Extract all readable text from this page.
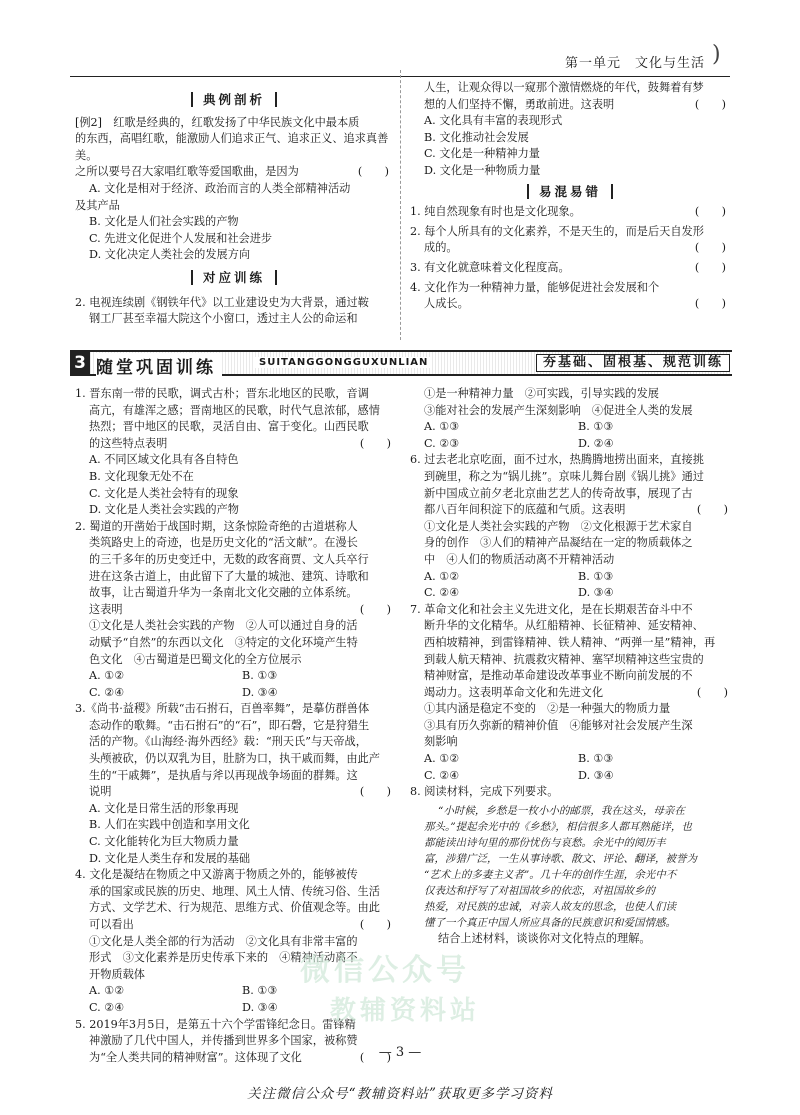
第一单元　文化与生活 )
典例剖析

[例2]　红歌是经典的，红歌发扬了中华民族文化中最本质

的东西，高唱红歌，能激励人们追求正气、追求正义、追求真善美。

之所以要号召大家唱红歌等爱国歌曲，是因为	(　　)

A. 文化是相对于经济、政治而言的人类全部精神活动

及其产品

B. 文化是人们社会实践的产物

C. 先进文化促进个人发展和社会进步

D. 文化决定人类社会的发展方向

对应训练

2. 电视连续剧《钢铁年代》以工业建设史为大背景，通过鞍

钢工厂甚至幸福大院这个小窗口，透过主人公的命运和

人生，让观众得以一窥那个激情燃烧的年代，鼓舞着有梦

想的人们坚持不懈，勇敢前进。这表明	(　　)

A. 文化具有丰富的表现形式

B. 文化推动社会发展

C. 文化是一种精神力量

D. 文化是一种物质力量

易混易错

1. 纯自然现象有时也是文化现象。	(　　)

2. 每个人所具有的文化素养，不是天生的，而是后天自发形

成的。	(　　)

3. 有文化就意味着文化程度高。	(　　)

4. 文化作为一种精神力量，能够促进社会发展和个

人成长。	(　　)

3 随堂巩固训练	SUITANGGONGGUXUNLIAN	夯基础、固根基、规范训练

1. 晋东南一带的民歌，调式古朴；晋东北地区的民歌，音调

高亢，有雄浑之感；晋南地区的民歌，时代气息浓郁，感情

热烈；晋中地区的民歌，灵活自由、富于变化。山西民歌

的这些特点表明	(　　)

A. 不同区域文化具有各自特色

B. 文化现象无处不在

C. 文化是人类社会特有的现象

D. 文化是人类社会实践的产物

2. 蜀道的开凿始于战国时期，这条惊险奇绝的古道堪称人

类筑路史上的奇迹，也是历史文化的“活文献”。在漫长

的三千多年的历史变迁中，无数的政客商贾、文人兵卒行

进在这条古道上，由此留下了大量的城池、建筑、诗歌和

故事，让古蜀道升华为一条南北文化交融的立体系统。

这表明	(　　)

①文化是人类社会实践的产物　②人可以通过自身的活

动赋予“自然”的东西以文化　③特定的文化环境产生特

色文化　④古蜀道是巴蜀文化的全方位展示

A. ①②	B. ①③
C. ②④	D. ③④

3.《尚书·益稷》所载“击石拊石，百兽率舞”，是摹仿群兽体

态动作的歌舞。“击石拊石”的“石”，即石磬，它是狩猎生

活的产物。《山海经·海外西经》载：“刑天氏”与天帝战，

头颅被砍，仍以双乳为目，肚脐为口，执干戚而舞，由此产

生的“干戚舞”，是执盾与斧以再现战争场面的群舞。这

说明	(　　)

A. 文化是日常生活的形象再现

B. 人们在实践中创造和享用文化

C. 文化能转化为巨大物质力量

D. 文化是人类生存和发展的基础

4. 文化是凝结在物质之中又游离于物质之外的，能够被传

承的国家或民族的历史、地理、风土人情、传统习俗、生活

方式、文学艺术、行为规范、思维方式、价值观念等。由此

可以看出	(　　)

①文化是人类全部的行为活动　②文化具有非常丰富的

形式　③文化素养是历史传承下来的　④精神活动离不

开物质载体

A. ①②	B. ①③
C. ②④	D. ③④

5. 2019年3月5日，是第五十六个学雷锋纪念日。雷锋精

神激励了几代中国人，并传播到世界多个国家，被称赞

为“全人类共同的精神财富”。这体现了文化	(　　)

①是一种精神力量　②可实践，引导实践的发展

③能对社会的发展产生深刻影响　④促进全人类的发展

A. ①③	B. ①③
C. ②③	D. ②④

6. 过去老北京吃面，面不过水，热腾腾地捞出面来，直接挑

到碗里，称之为“锅儿挑”。京味儿舞台剧《锅儿挑》通过

新中国成立前夕老北京曲艺艺人的传奇故事，展现了古

都八百年间积淀下的底蕴和气质。这表明	(　　)

①文化是人类社会实践的产物　②文化根源于艺术家自

身的创作　③人们的精神产品凝结在一定的物质载体之

中　④人们的物质活动离不开精神活动

A. ①②	B. ①③
C. ②④	D. ③④

7. 革命文化和社会主义先进文化，是在长期艰苦奋斗中不

断升华的文化精华。从红船精神、长征精神、延安精神、

西柏坡精神，到雷锋精神、铁人精神、“两弹一星”精神，再

到载人航天精神、抗震救灾精神、塞罕坝精神这些宝贵的

精神财富，是推动革命建设改革事业不断向前发展的不

竭动力。这表明革命文化和先进文化	(　　)

①其内涵是稳定不变的　②是一种强大的物质力量

③具有历久弥新的精神价值　④能够对社会发展产生深

刻影响

A. ①②	B. ①③
C. ②④	D. ③④

8. 阅读材料，完成下列要求。

“小时候，乡愁是一枚小小的邮票，我在这头，母亲在

那头。”提起余光中的《乡愁》，相信很多人都耳熟能详，也

都能读出诗句里的那份忧伤与哀愁。余光中的阅历丰

富，涉猎广泛，一生从事诗歌、散文、评论、翻译，被誉为

“艺术上的多妻主义者”。几十年的创作生涯，余光中不

仅表达和抒写了对祖国故乡的依恋，对祖国故乡的

热爱，对民族的忠诚，对亲人故友的思念，也使人们读

懂了一个真正中国人所应具备的民族意识和爱国情感。

结合上述材料，谈谈你对文化特点的理解。

微信公众号
教辅资料站
— 3 —
关注微信公众号“教辅资料站”获取更多学习资料
